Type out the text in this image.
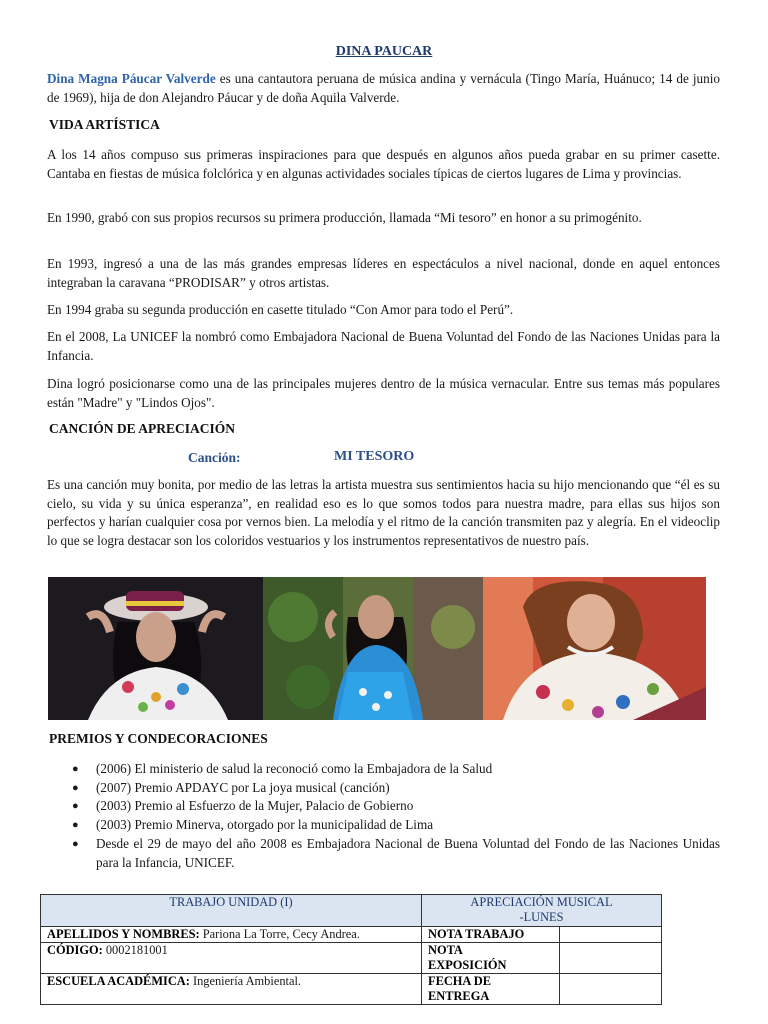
DINA PAUCAR
Dina Magna Páucar Valverde es una cantautora peruana de música andina y vernácula (Tingo María, Huánuco; 14 de junio de 1969), hija de don Alejandro Páucar y de doña Aquila Valverde.
VIDA ARTÍSTICA
A los 14 años compuso sus primeras inspiraciones para que después en algunos años pueda grabar en su primer casette. Cantaba en fiestas de música folclórica y en algunas actividades sociales típicas de ciertos lugares de Lima y provincias.
En 1990, grabó con sus propios recursos su primera producción, llamada “Mi tesoro” en honor a su primogénito.
En 1993, ingresó a una de las más grandes empresas líderes en espectáculos a nivel nacional, donde en aquel entonces integraban la caravana “PRODISAR” y otros artistas.
En 1994 graba su segunda producción en casette titulado “Con Amor para todo el Perú”.
En el 2008, La UNICEF la nombró como Embajadora Nacional de Buena Voluntad del Fondo de las Naciones Unidas para la Infancia.
Dina logró posicionarse como una de las principales mujeres dentro de la música vernacular. Entre sus temas más populares están "Madre" y "Lindos Ojos".
CANCIÓN DE APRECIACIÓN
Canción:	MI TESORO
Es una canción muy bonita, por medio de las letras la artista muestra sus sentimientos hacia su hijo mencionando que “él es su cielo, su vida y su única esperanza”, en realidad eso es lo que somos todos para nuestra madre, para ellas sus hijos son perfectos y harían cualquier cosa por vernos bien. La melodía y el ritmo de la canción transmiten paz y alegría. En el videoclip lo que se logra destacar son los coloridos vestuarios y los instrumentos representativos de nuestro país.
PREMIOS Y CONDECORACIONES
● (2006) El ministerio de salud la reconoció como la Embajadora de la Salud
● (2007) Premio APDAYC por La joya musical (canción)
● (2003) Premio al Esfuerzo de la Mujer, Palacio de Gobierno
● (2003) Premio Minerva, otorgado por la municipalidad de Lima
● Desde el 29 de mayo del año 2008 es Embajadora Nacional de Buena Voluntad del Fondo de las Naciones Unidas para la Infancia, UNICEF.
TRABAJO UNIDAD (I)	APRECIACIÓN MUSICAL
-LUNES	
APELLIDOS Y NOMBRES: Pariona La Torre, Cecy Andrea.	NOTA TRABAJO	
CÓDIGO: 0002181001	NOTA
EXPOSICIÓN	
ESCUELA ACADÉMICA: Ingeniería Ambiental.	FECHA DE
ENTREGA	
